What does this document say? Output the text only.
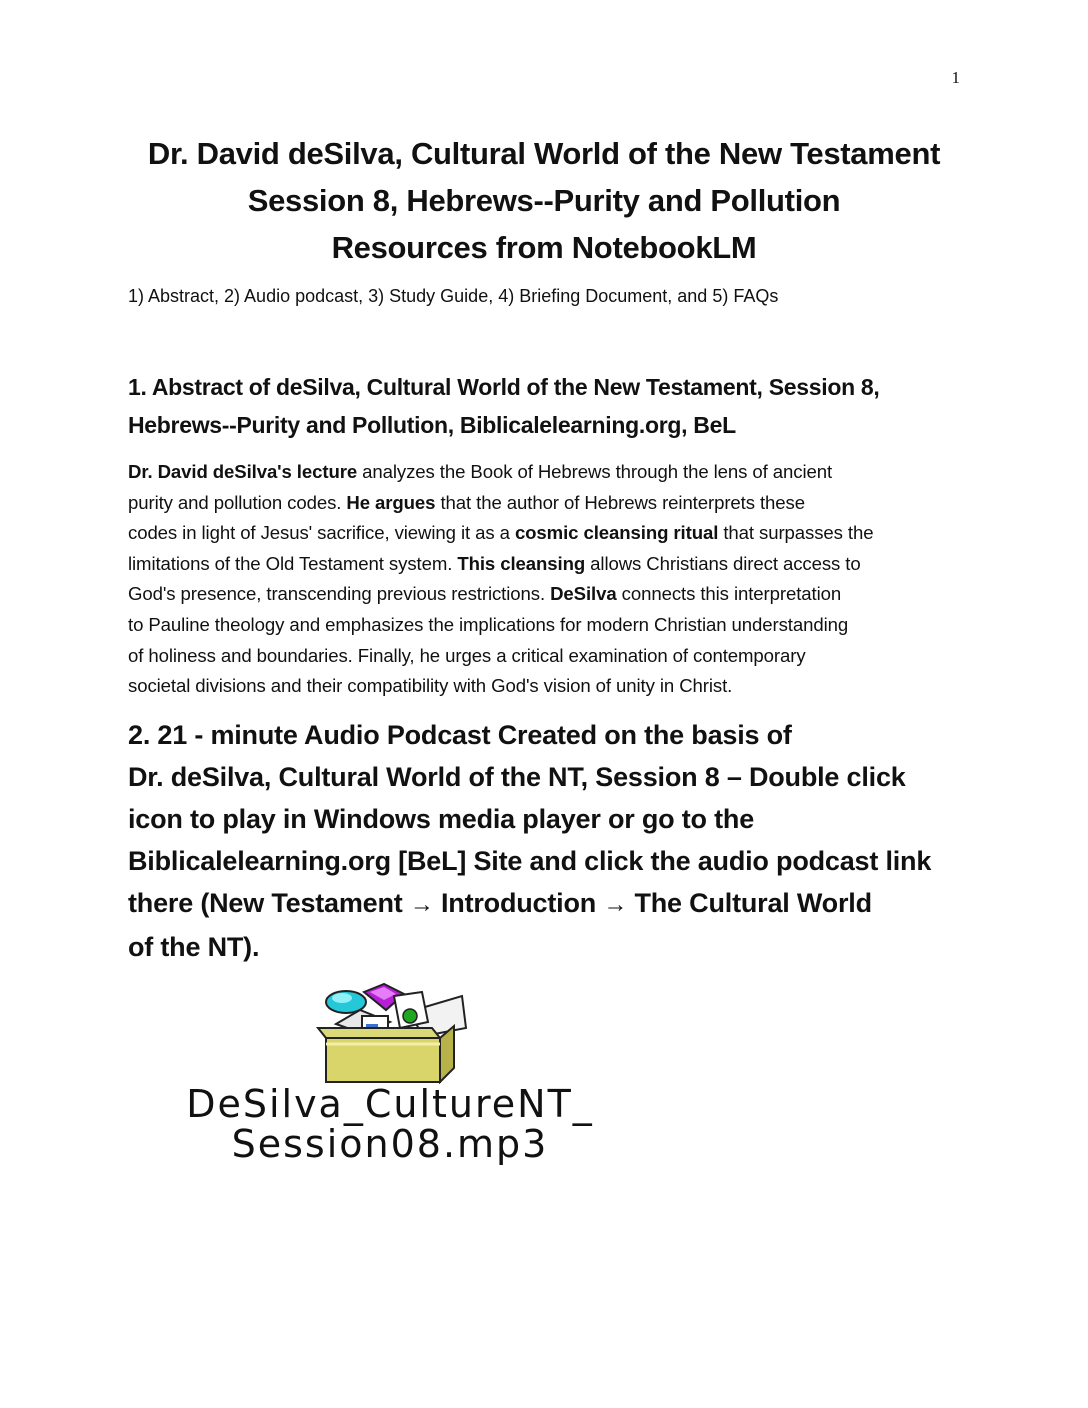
1
Dr. David deSilva, Cultural World of the New Testament
Session 8, Hebrews--Purity and Pollution
Resources from NotebookLM
1) Abstract, 2) Audio podcast, 3) Study Guide, 4) Briefing Document, and 5) FAQs
1. Abstract of deSilva, Cultural World of the New Testament, Session 8,
Hebrews--Purity and Pollution, Biblicalelearning.org, BeL
Dr. David deSilva's lecture analyzes the Book of Hebrews through the lens of ancient
purity and pollution codes. He argues that the author of Hebrews reinterprets these
codes in light of Jesus' sacrifice, viewing it as a cosmic cleansing ritual that surpasses the
limitations of the Old Testament system. This cleansing allows Christians direct access to
God's presence, transcending previous restrictions. DeSilva connects this interpretation
to Pauline theology and emphasizes the implications for modern Christian understanding
of holiness and boundaries. Finally, he urges a critical examination of contemporary
societal divisions and their compatibility with God's vision of unity in Christ.
2. 21 - minute Audio Podcast Created on the basis of
Dr. deSilva, Cultural World of the NT, Session 8 – Double click
icon to play in Windows media player or go to the
Biblicalelearning.org [BeL] Site and click the audio podcast link
there (New Testament → Introduction → The Cultural World
of the NT).
DeSilva_CultureNT_
Session08.mp3
